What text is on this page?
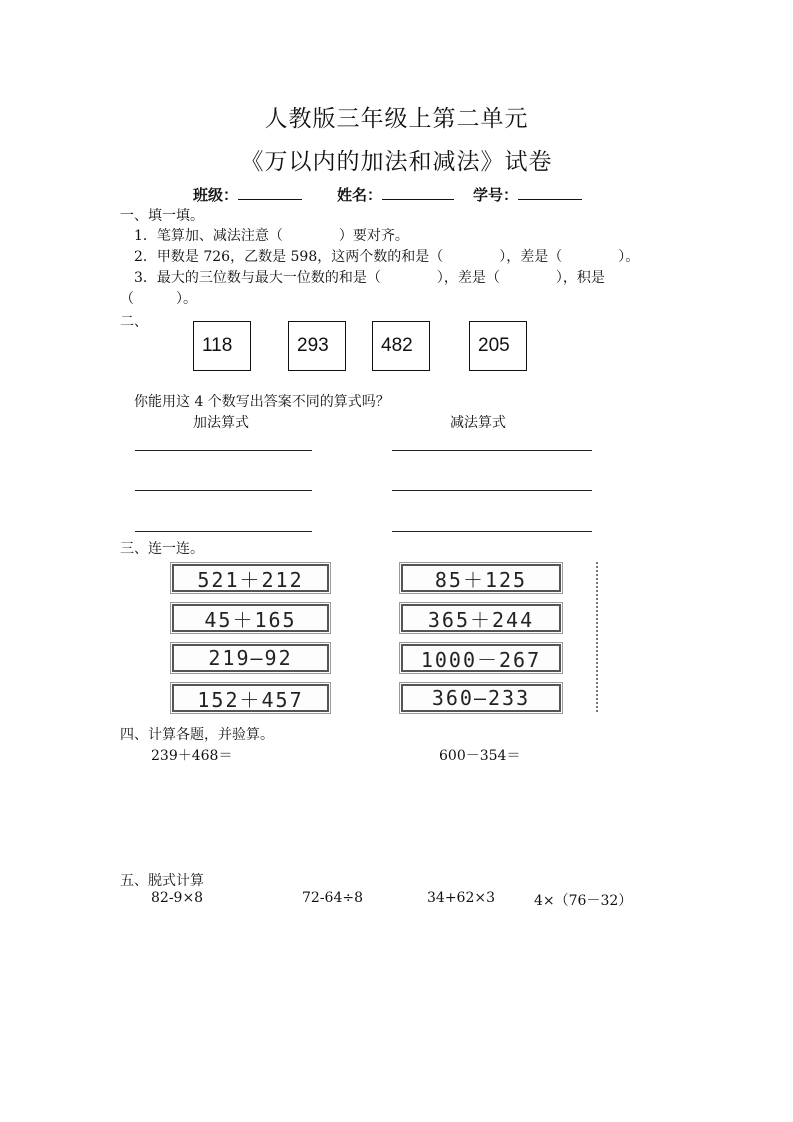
人教版三年级上第二单元
《万以内的加法和减法》试卷
班级：	姓名：	学号：
一、填一填。
1．笔算加、减法注意（　　　　）要对齐。
2．甲数是 726，乙数是 598，这两个数的和是（　　　　），差是（　　　　）。
3．最大的三位数与最大一位数的和是（　　　　），差是（　　　　），积是
（　　　）。
二、
118	293	482	205
你能用这 4 个数写出答案不同的算式吗？
加法算式	减法算式
三、连一连。
521＋212
45＋165
219—92
152＋457
85＋125
365＋244
1000－267
360—233
四、计算各题，并验算。
239＋468＝	600－354＝
五、脱式计算
82-9×8	72-64÷8	34+62×3	4×（76－32）
